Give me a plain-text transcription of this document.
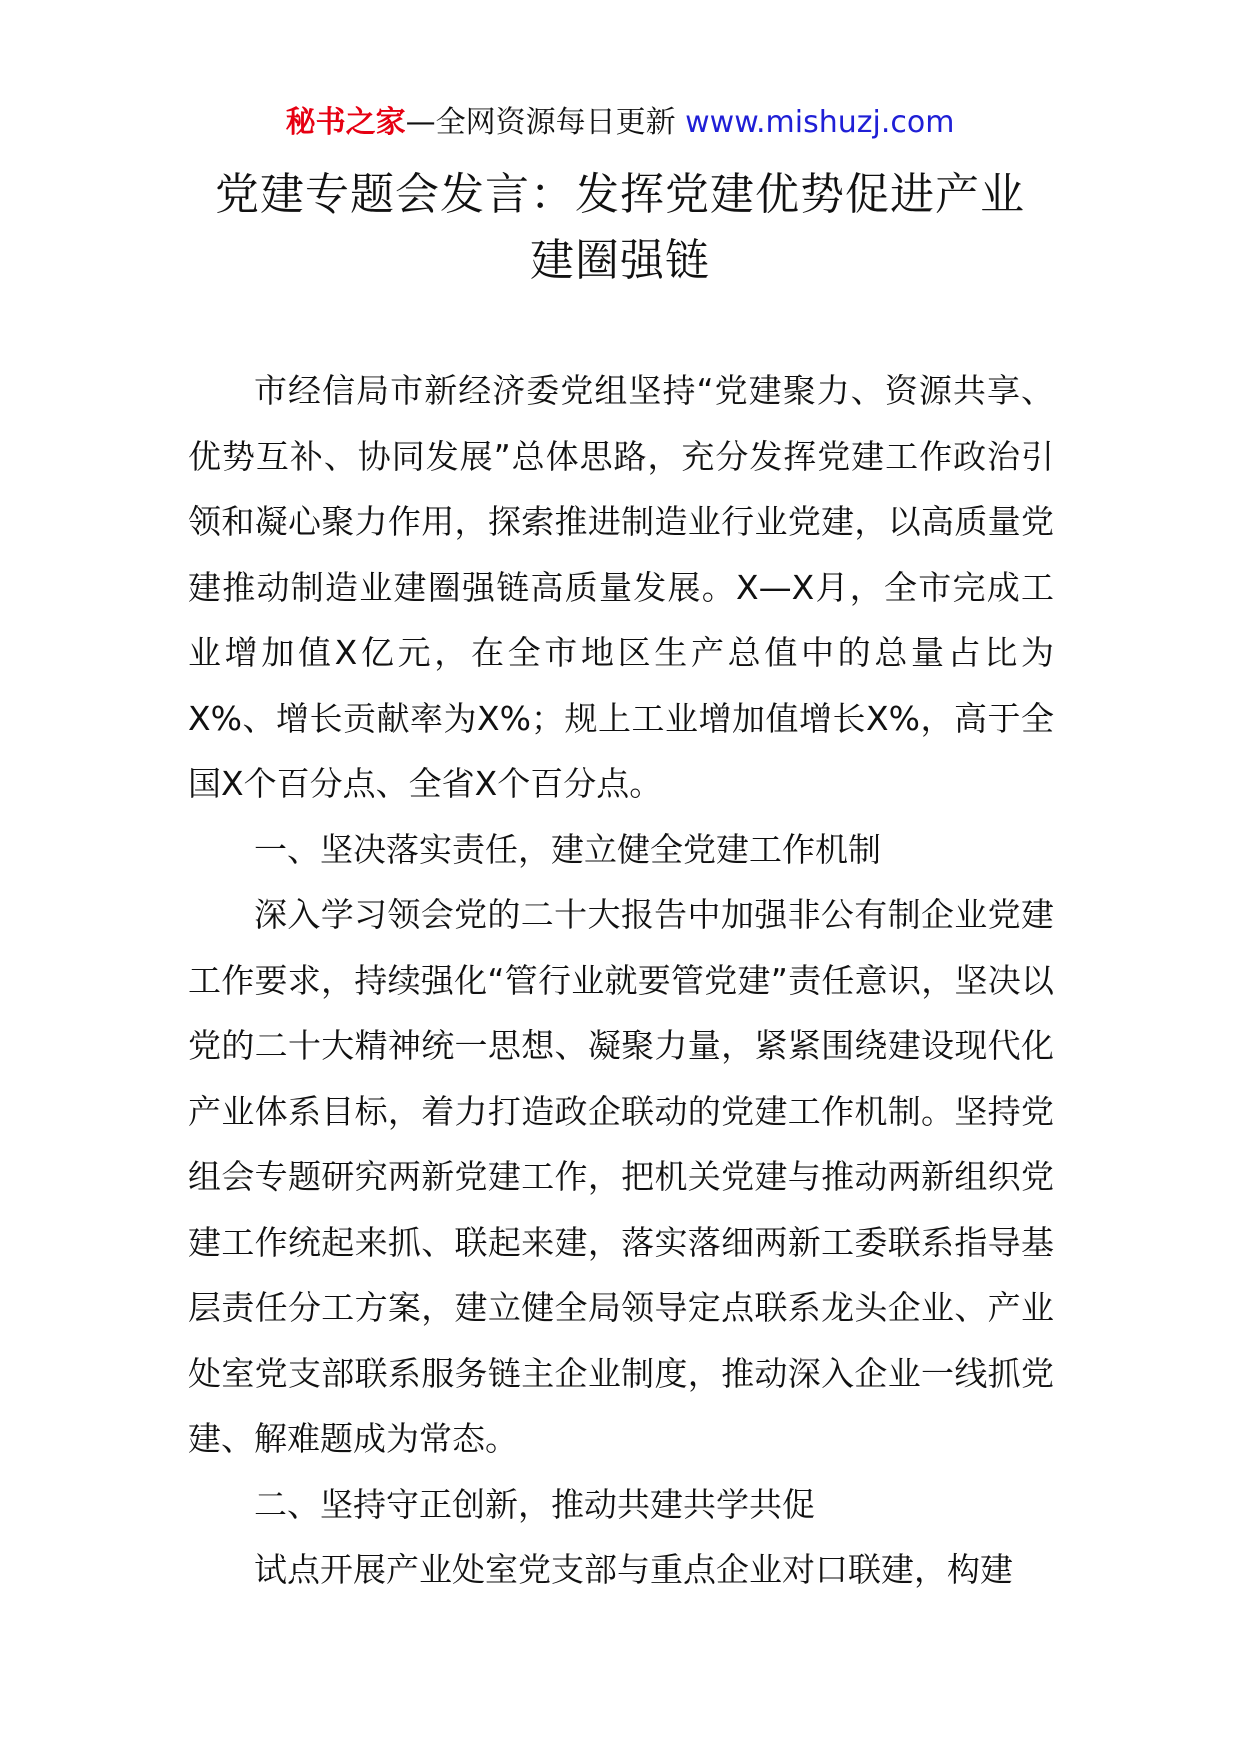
秘书之家—全网资源每日更新 www.mishuzj.com
党建专题会发言：发挥党建优势促进产业
建圈强链

市经信局市新经济委党组坚持“党建聚力、资源共享、优势互补、协同发展”总体思路，充分发挥党建工作政治引领和凝心聚力作用，探索推进制造业行业党建，以高质量党建推动制造业建圈强链高质量发展。X—X月，全市完成工业增加值X亿元，在全市地区生产总值中的总量占比为X%、增长贡献率为X%；规上工业增加值增长X%，高于全国X个百分点、全省X个百分点。

一、坚决落实责任，建立健全党建工作机制

深入学习领会党的二十大报告中加强非公有制企业党建工作要求，持续强化“管行业就要管党建”责任意识，坚决以党的二十大精神统一思想、凝聚力量，紧紧围绕建设现代化产业体系目标，着力打造政企联动的党建工作机制。坚持党组会专题研究两新党建工作，把机关党建与推动两新组织党建工作统起来抓、联起来建，落实落细两新工委联系指导基层责任分工方案，建立健全局领导定点联系龙头企业、产业处室党支部联系服务链主企业制度，推动深入企业一线抓党建、解难题成为常态。

二、坚持守正创新，推动共建共学共促

试点开展产业处室党支部与重点企业对口联建，构建
